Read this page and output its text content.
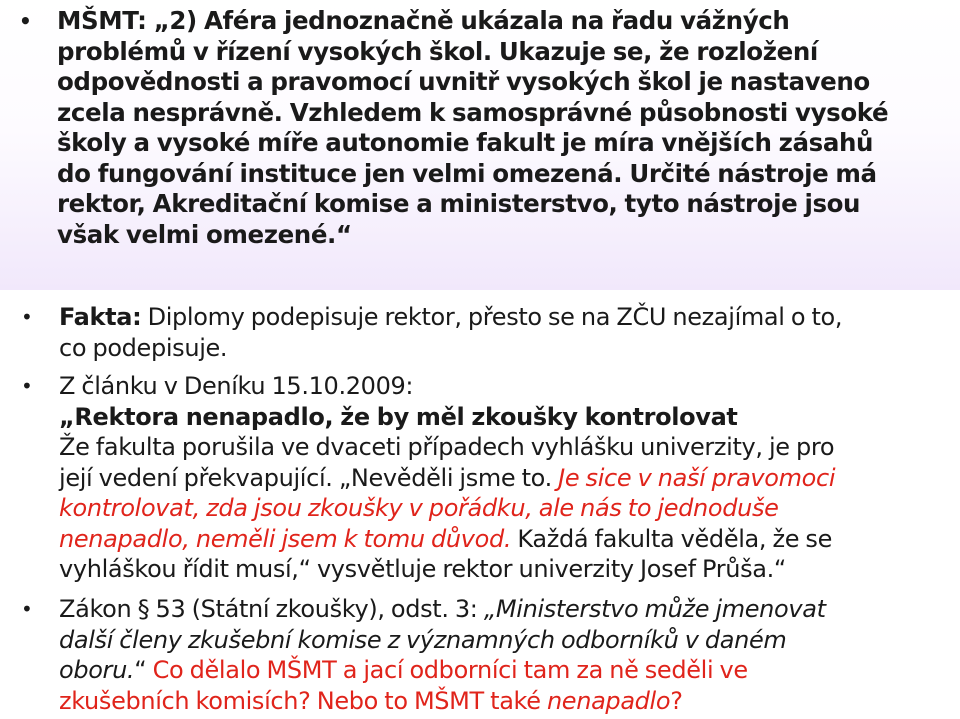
• MŠMT: „2) Aféra jednoznačně ukázala na řadu vážných
problémů v řízení vysokých škol. Ukazuje se, že rozložení
odpovědnosti a pravomocí uvnitř vysokých škol je nastaveno
zcela nesprávně. Vzhledem k samosprávné působnosti vysoké
školy a vysoké míře autonomie fakult je míra vnějších zásahů
do fungování instituce jen velmi omezená. Určité nástroje má
rektor, Akreditační komise a ministerstvo, tyto nástroje jsou
však velmi omezené.“
• Fakta: Diplomy podepisuje rektor, přesto se na ZČU nezajímal o to,
co podepisuje.
• Z článku v Deníku 15.10.2009:
„Rektora nenapadlo, že by měl zkoušky kontrolovat
Že fakulta porušila ve dvaceti případech vyhlášku univerzity, je pro
její vedení překvapující. „Nevěděli jsme to. Je sice v naší pravomoci
kontrolovat, zda jsou zkoušky v pořádku, ale nás to jednoduše
nenapadlo, neměli jsem k tomu důvod. Každá fakulta věděla, že se
vyhláškou řídit musí,“ vysvětluje rektor univerzity Josef Průša.“
• Zákon § 53 (Státní zkoušky), odst. 3: „Ministerstvo může jmenovat
další členy zkušební komise z významných odborníků v daném
oboru.“ Co dělalo MŠMT a jací odborníci tam za ně seděli ve
zkušebních komisích? Nebo to MŠMT také nenapadlo?
